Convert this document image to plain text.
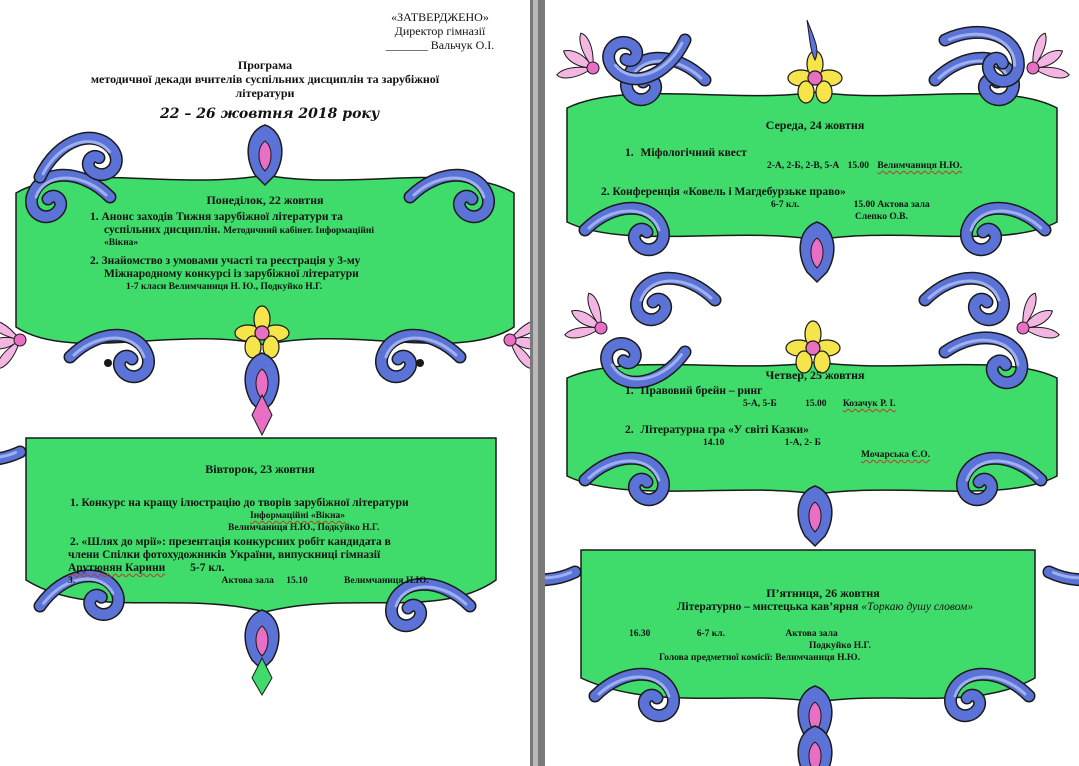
«ЗАТВЕРДЖЕНО»
Директор гімназії
_______ Вальчук О.І.
Програма
методичної декади вчителів суспільних дисциплін та зарубіжної
літератури
22 – 26 жовтня 2018 року
Понеділок, 22 жовтня
1. Анонс заходів Тижня зарубіжної літератури та
суспільних дисциплін. Методичний кабінет. Інформаційні
«Вікна»
2. Знайомство з умовами участі та реєстрація у 3-му
Міжнародному конкурсі із зарубіжної літератури
1-7 класи Велимчаниця Н. Ю., Подкуйко Н.Г.
Вівторок, 23 жовтня
1. Конкурс на кращу ілюстрацію до творів зарубіжної літератури
Інформаційні «Вікна»
Велимчаниця Н.Ю., Подкуйко Н.Г.
2. «Шлях до мрії»: презентація конкурсних робіт кандидата в
члени Спілки фотохудожників України, випускниці гімназії
Арутюнян Карини 5-7 кл.
3.	Актова зала 15.10	Велимчаниця Н.Ю.
Середа, 24 жовтня
1. Міфологічний квест
2-А, 2-Б, 2-В, 5-А 15.00 Велимчаниця Н.Ю.
2. Конференція «Ковель і Магдебурзьке право»
6-7 кл.	15.00 Актова зала
Слепко О.В.
Четвер, 25 жовтня
1. Правовий брейн – ринг
5-А, 5-Б	15.00 Козачук Р. І.
2. Літературна гра «У світі Казки»
14.10	1-А, 2- Б
Мочарська Є.О.
П’ятниця, 26 жовтня
Літературно – мистецька кав’ярня «Торкаю душу словом»
16.30	6-7 кл.	Актова зала
Подкуйко Н.Г.
Голова предметної комісії: Велимчаниця Н.Ю.
